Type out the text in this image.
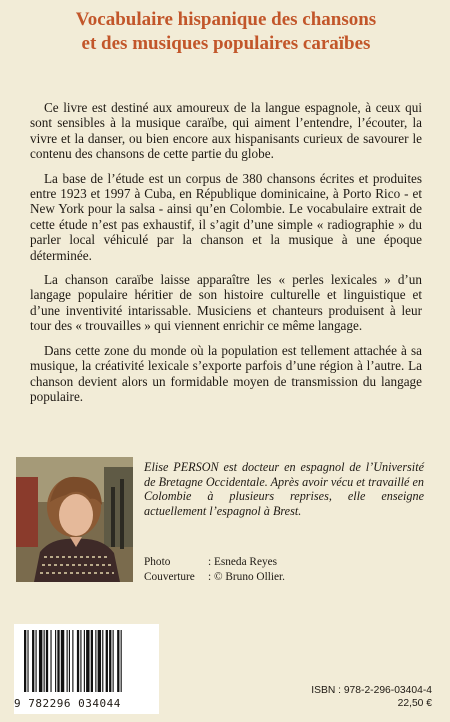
Vocabulaire hispanique des chansons
et des musiques populaires caraïbes

Ce livre est destiné aux amoureux de la langue espagnole, à ceux qui sont sensibles à la musique caraïbe, qui aiment l’entendre, l’écouter, la vivre et la danser, ou bien encore aux hispanisants curieux de savourer le contenu des chansons de cette partie du globe.

La base de l’étude est un corpus de 380 chansons écrites et produites entre 1923 et 1997 à Cuba, en République dominicaine, à Porto Rico - et New York pour la salsa - ainsi qu’en Colombie. Le vocabulaire extrait de cette étude n’est pas exhaustif, il s’agit d’une simple « radiographie » du parler local véhiculé par la chanson et la musique à une époque déterminée.

La chanson caraïbe laisse apparaître les « perles lexicales » d’un langage populaire héritier de son histoire culturelle et linguistique et d’une inventivité intarissable. Musiciens et chanteurs produisent à leur tour des « trouvailles » qui viennent enrichir ce même langage.

Dans cette zone du monde où la population est tellement attachée à sa musique, la créativité lexicale s’exporte parfois d’une région à l’autre. La chanson devient alors un formidable moyen de transmission du langage populaire.

Elise PERSON est docteur en espagnol de l’Université de Bretagne Occidentale. Après avoir vécu et travaillé en Colombie à plusieurs reprises, elle enseigne actuellement l’espagnol à Brest.
Photo	: Esneda Reyes
Couverture	: © Bruno Ollier.
9 782296 034044
ISBN : 978-2-296-03404-4
22,50 €
